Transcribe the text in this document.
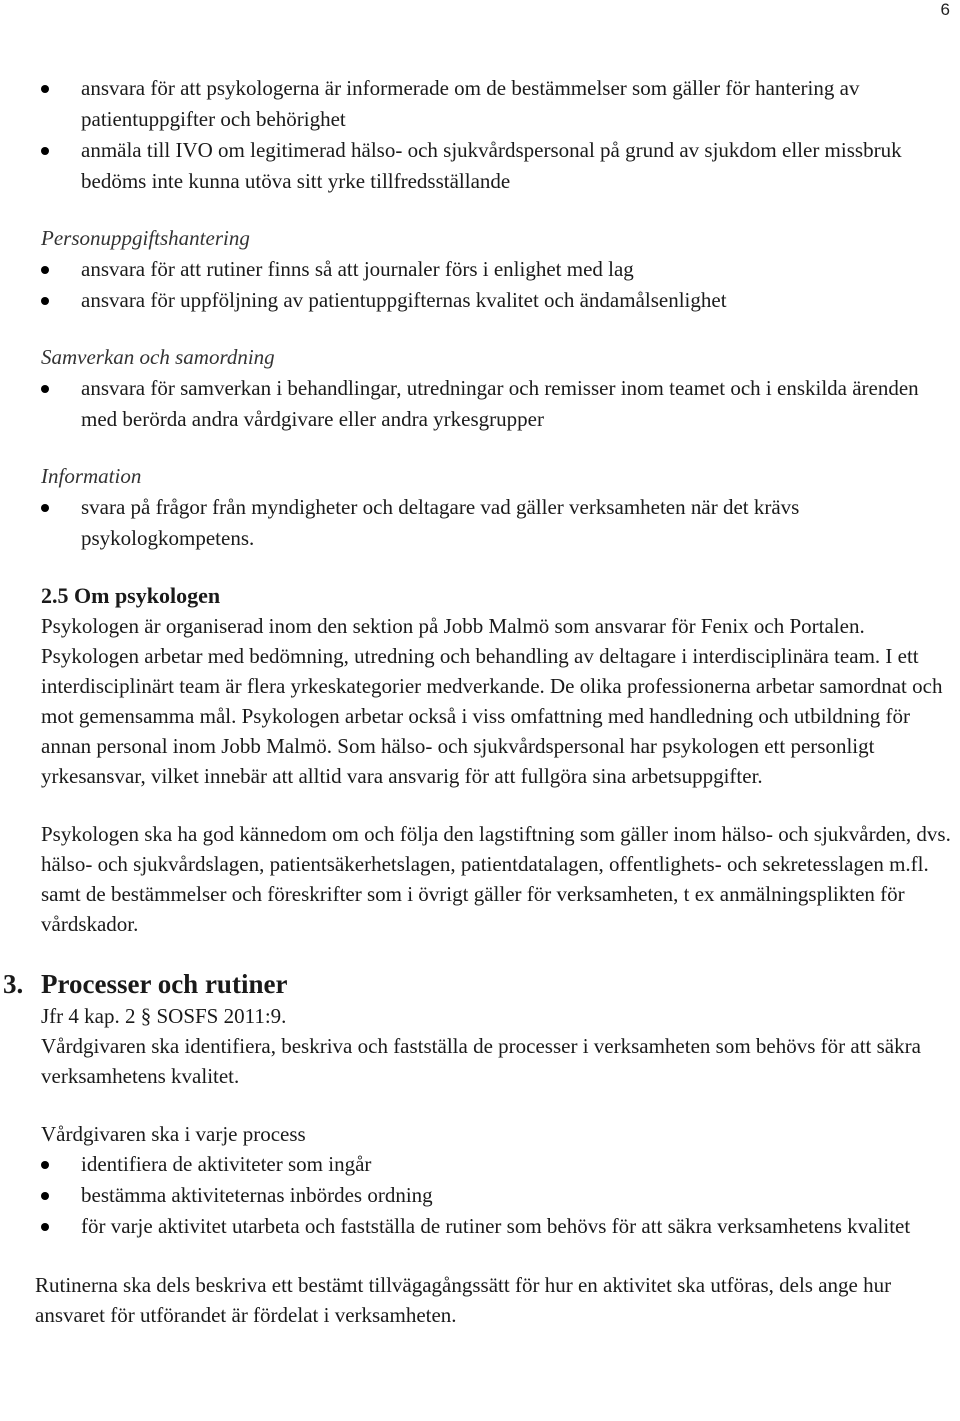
6
ansvara för att psykologerna är informerade om de bestämmelser som gäller för hantering av patientuppgifter och behörighet
anmäla till IVO om legitimerad hälso- och sjukvårdspersonal på grund av sjukdom eller missbruk bedöms inte kunna utöva sitt yrke tillfredsställande
Personuppgiftshantering
ansvara för att rutiner finns så att journaler förs i enlighet med lag
ansvara för uppföljning av patientuppgifternas kvalitet och ändamålsenlighet
Samverkan och samordning
ansvara för samverkan i behandlingar, utredningar och remisser inom teamet och i enskilda ärenden med berörda andra vårdgivare eller andra yrkesgrupper
Information
svara på frågor från myndigheter och deltagare vad gäller verksamheten när det krävs psykologkompetens.
2.5 Om psykologen

Psykologen är organiserad inom den sektion på Jobb Malmö som ansvarar för Fenix och Portalen. Psykologen arbetar med bedömning, utredning och behandling av deltagare i interdisciplinära team. I ett interdisciplinärt team är flera yrkeskategorier medverkande. De olika professionerna arbetar samordnat och mot gemensamma mål. Psykologen arbetar också i viss omfattning med handledning och utbildning för annan personal inom Jobb Malmö. Som hälso- och sjukvårdspersonal har psykologen ett personligt yrkesansvar, vilket innebär att alltid vara ansvarig för att fullgöra sina arbetsuppgifter.

Psykologen ska ha god kännedom om och följa den lagstiftning som gäller inom hälso- och sjukvården, dvs. hälso- och sjukvårdslagen, patientsäkerhetslagen, patientdatalagen, offentlighets- och sekretesslagen m.fl. samt de bestämmelser och föreskrifter som i övrigt gäller för verksamheten, t ex anmälningsplikten för vårdskador.

3. Processer och rutiner

Jfr 4 kap. 2 § SOSFS 2011:9.

Vårdgivaren ska identifiera, beskriva och fastställa de processer i verksamheten som behövs för att säkra verksamhetens kvalitet.

Vårdgivaren ska i varje process

identifiera de aktiviteter som ingår
bestämma aktiviteternas inbördes ordning
för varje aktivitet utarbeta och fastställa de rutiner som behövs för att säkra verksamhetens kvalitet

Rutinerna ska dels beskriva ett bestämt tillvägagångssätt för hur en aktivitet ska utföras, dels ange hur ansvaret för utförandet är fördelat i verksamheten.
